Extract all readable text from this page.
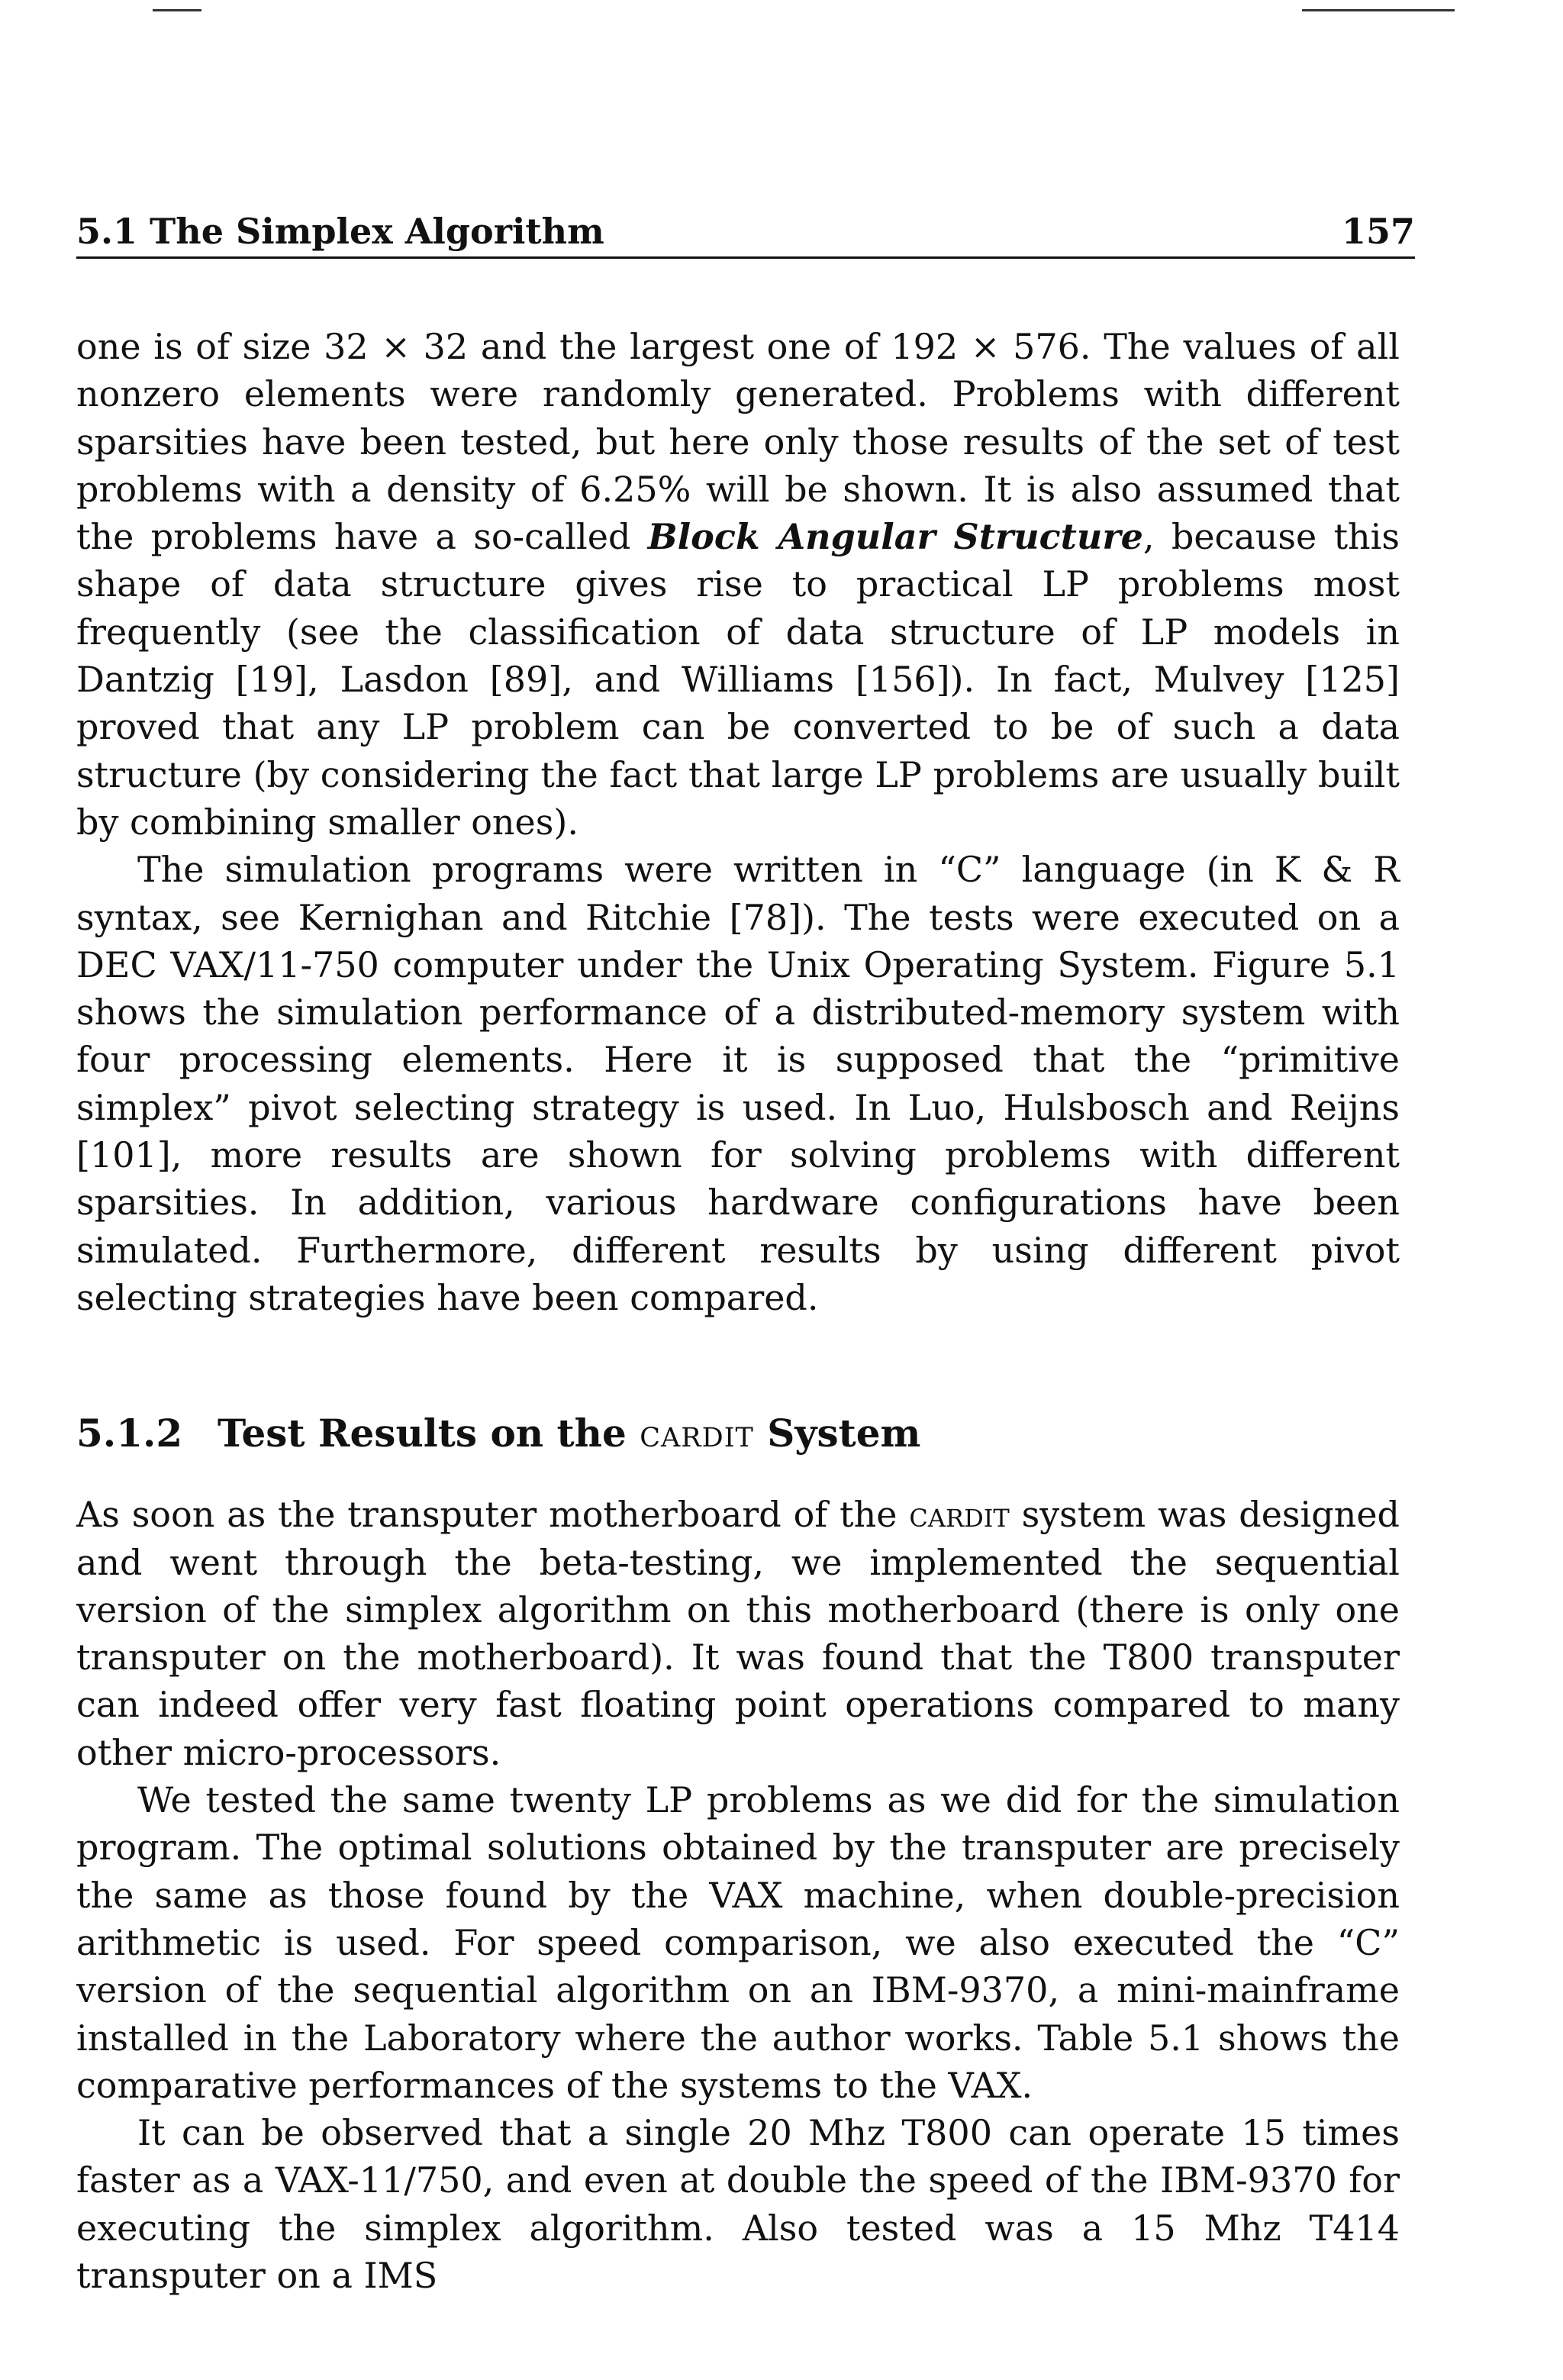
5.1 The Simplex Algorithm	157

one is of size 32 × 32 and the largest one of 192 × 576. The values of all nonzero elements were randomly generated. Problems with different sparsities have been tested, but here only those results of the set of test problems with a density of 6.25% will be shown. It is also assumed that the problems have a so-called Block Angular Structure, because this shape of data structure gives rise to practical LP problems most frequently (see the classification of data structure of LP models in Dantzig [19], Lasdon [89], and Williams [156]). In fact, Mulvey [125] proved that any LP problem can be converted to be of such a data structure (by considering the fact that large LP problems are usually built by combining smaller ones).

The simulation programs were written in “C” language (in K & R syntax, see Kernighan and Ritchie [78]). The tests were executed on a DEC VAX/11-750 computer under the Unix Operating System. Figure 5.1 shows the simulation performance of a distributed-memory system with four processing elements. Here it is supposed that the “primitive simplex” pivot selecting strategy is used. In Luo, Hulsbosch and Reijns [101], more results are shown for solving problems with different sparsities. In addition, various hardware configurations have been simulated. Furthermore, different results by using different pivot selecting strategies have been compared.

5.1.2 Test Results on the cardit System

As soon as the transputer motherboard of the cardit system was designed and went through the beta-testing, we implemented the sequential version of the simplex algorithm on this motherboard (there is only one transputer on the motherboard). It was found that the T800 transputer can indeed offer very fast floating point operations compared to many other micro-processors.

We tested the same twenty LP problems as we did for the simulation program. The optimal solutions obtained by the transputer are precisely the same as those found by the VAX machine, when double-precision arithmetic is used. For speed comparison, we also executed the “C” version of the sequential algorithm on an IBM-9370, a mini-mainframe installed in the Laboratory where the author works. Table 5.1 shows the comparative performances of the systems to the VAX.

It can be observed that a single 20 Mhz T800 can operate 15 times faster as a VAX-11/750, and even at double the speed of the IBM-9370 for executing the simplex algorithm. Also tested was a 15 Mhz T414 transputer on a IMS
